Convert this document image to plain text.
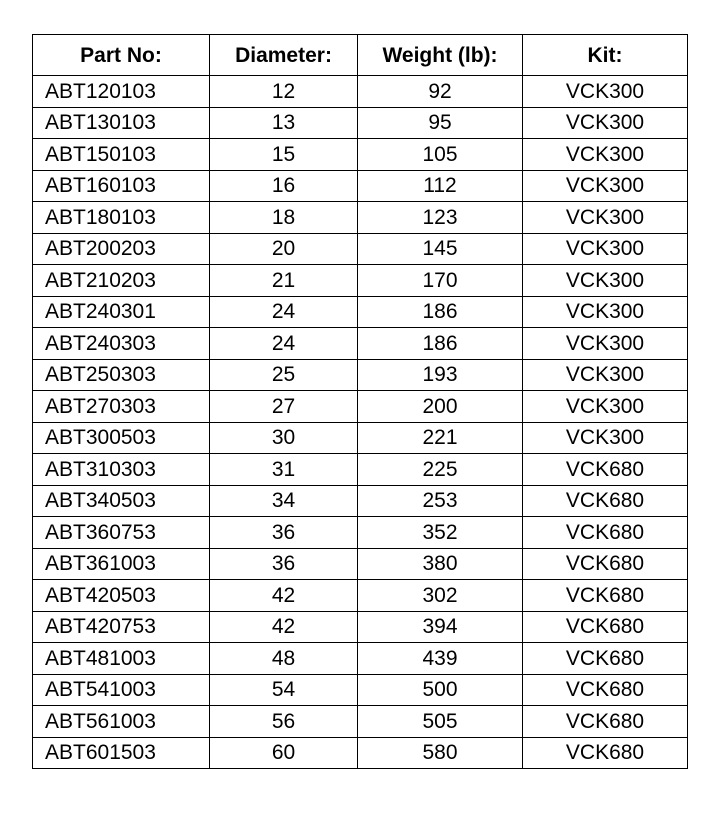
Part No:	Diameter:	Weight (lb):	Kit:
ABT120103	12	92	VCK300
ABT130103	13	95	VCK300
ABT150103	15	105	VCK300
ABT160103	16	112	VCK300
ABT180103	18	123	VCK300
ABT200203	20	145	VCK300
ABT210203	21	170	VCK300
ABT240301	24	186	VCK300
ABT240303	24	186	VCK300
ABT250303	25	193	VCK300
ABT270303	27	200	VCK300
ABT300503	30	221	VCK300
ABT310303	31	225	VCK680
ABT340503	34	253	VCK680
ABT360753	36	352	VCK680
ABT361003	36	380	VCK680
ABT420503	42	302	VCK680
ABT420753	42	394	VCK680
ABT481003	48	439	VCK680
ABT541003	54	500	VCK680
ABT561003	56	505	VCK680
ABT601503	60	580	VCK680
